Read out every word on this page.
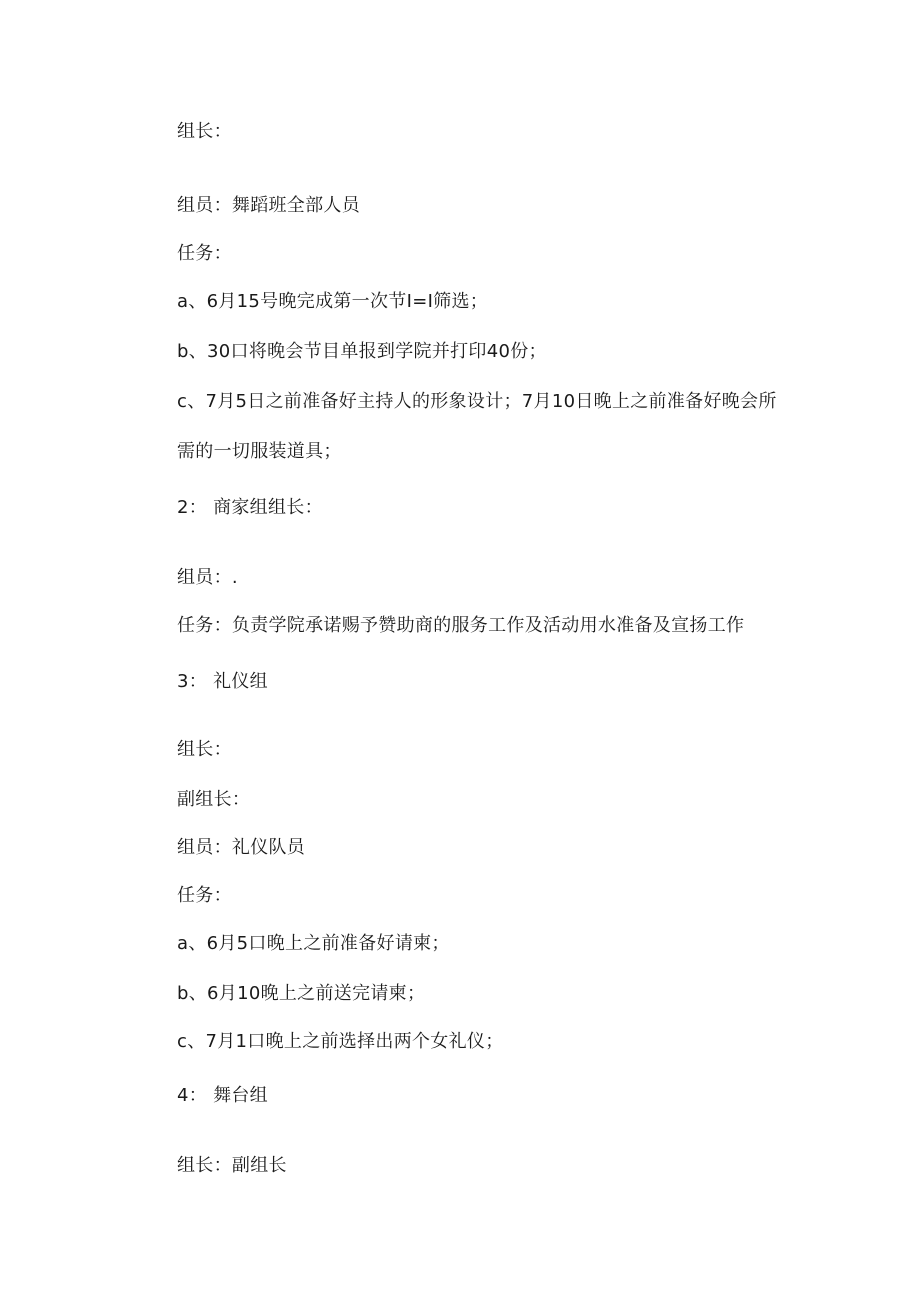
组长：
组员：舞蹈班全部人员
任务：
a、6月15号晚完成第一次节I=I筛选；
b、30口将晚会节目单报到学院并打印40份；
c、7月5日之前准备好主持人的形象设计；7月10日晚上之前准备好晚会所
需的一切服装道具；
2： 商家组组长：
组员：.
任务：负责学院承诺赐予赞助商的服务工作及活动用水准备及宣扬工作
3： 礼仪组
组长：
副组长：
组员：礼仪队员
任务：
a、6月5口晚上之前准备好请柬；
b、6月10晚上之前送完请柬；
c、7月1口晚上之前选择出两个女礼仪；
4： 舞台组
组长：副组长
